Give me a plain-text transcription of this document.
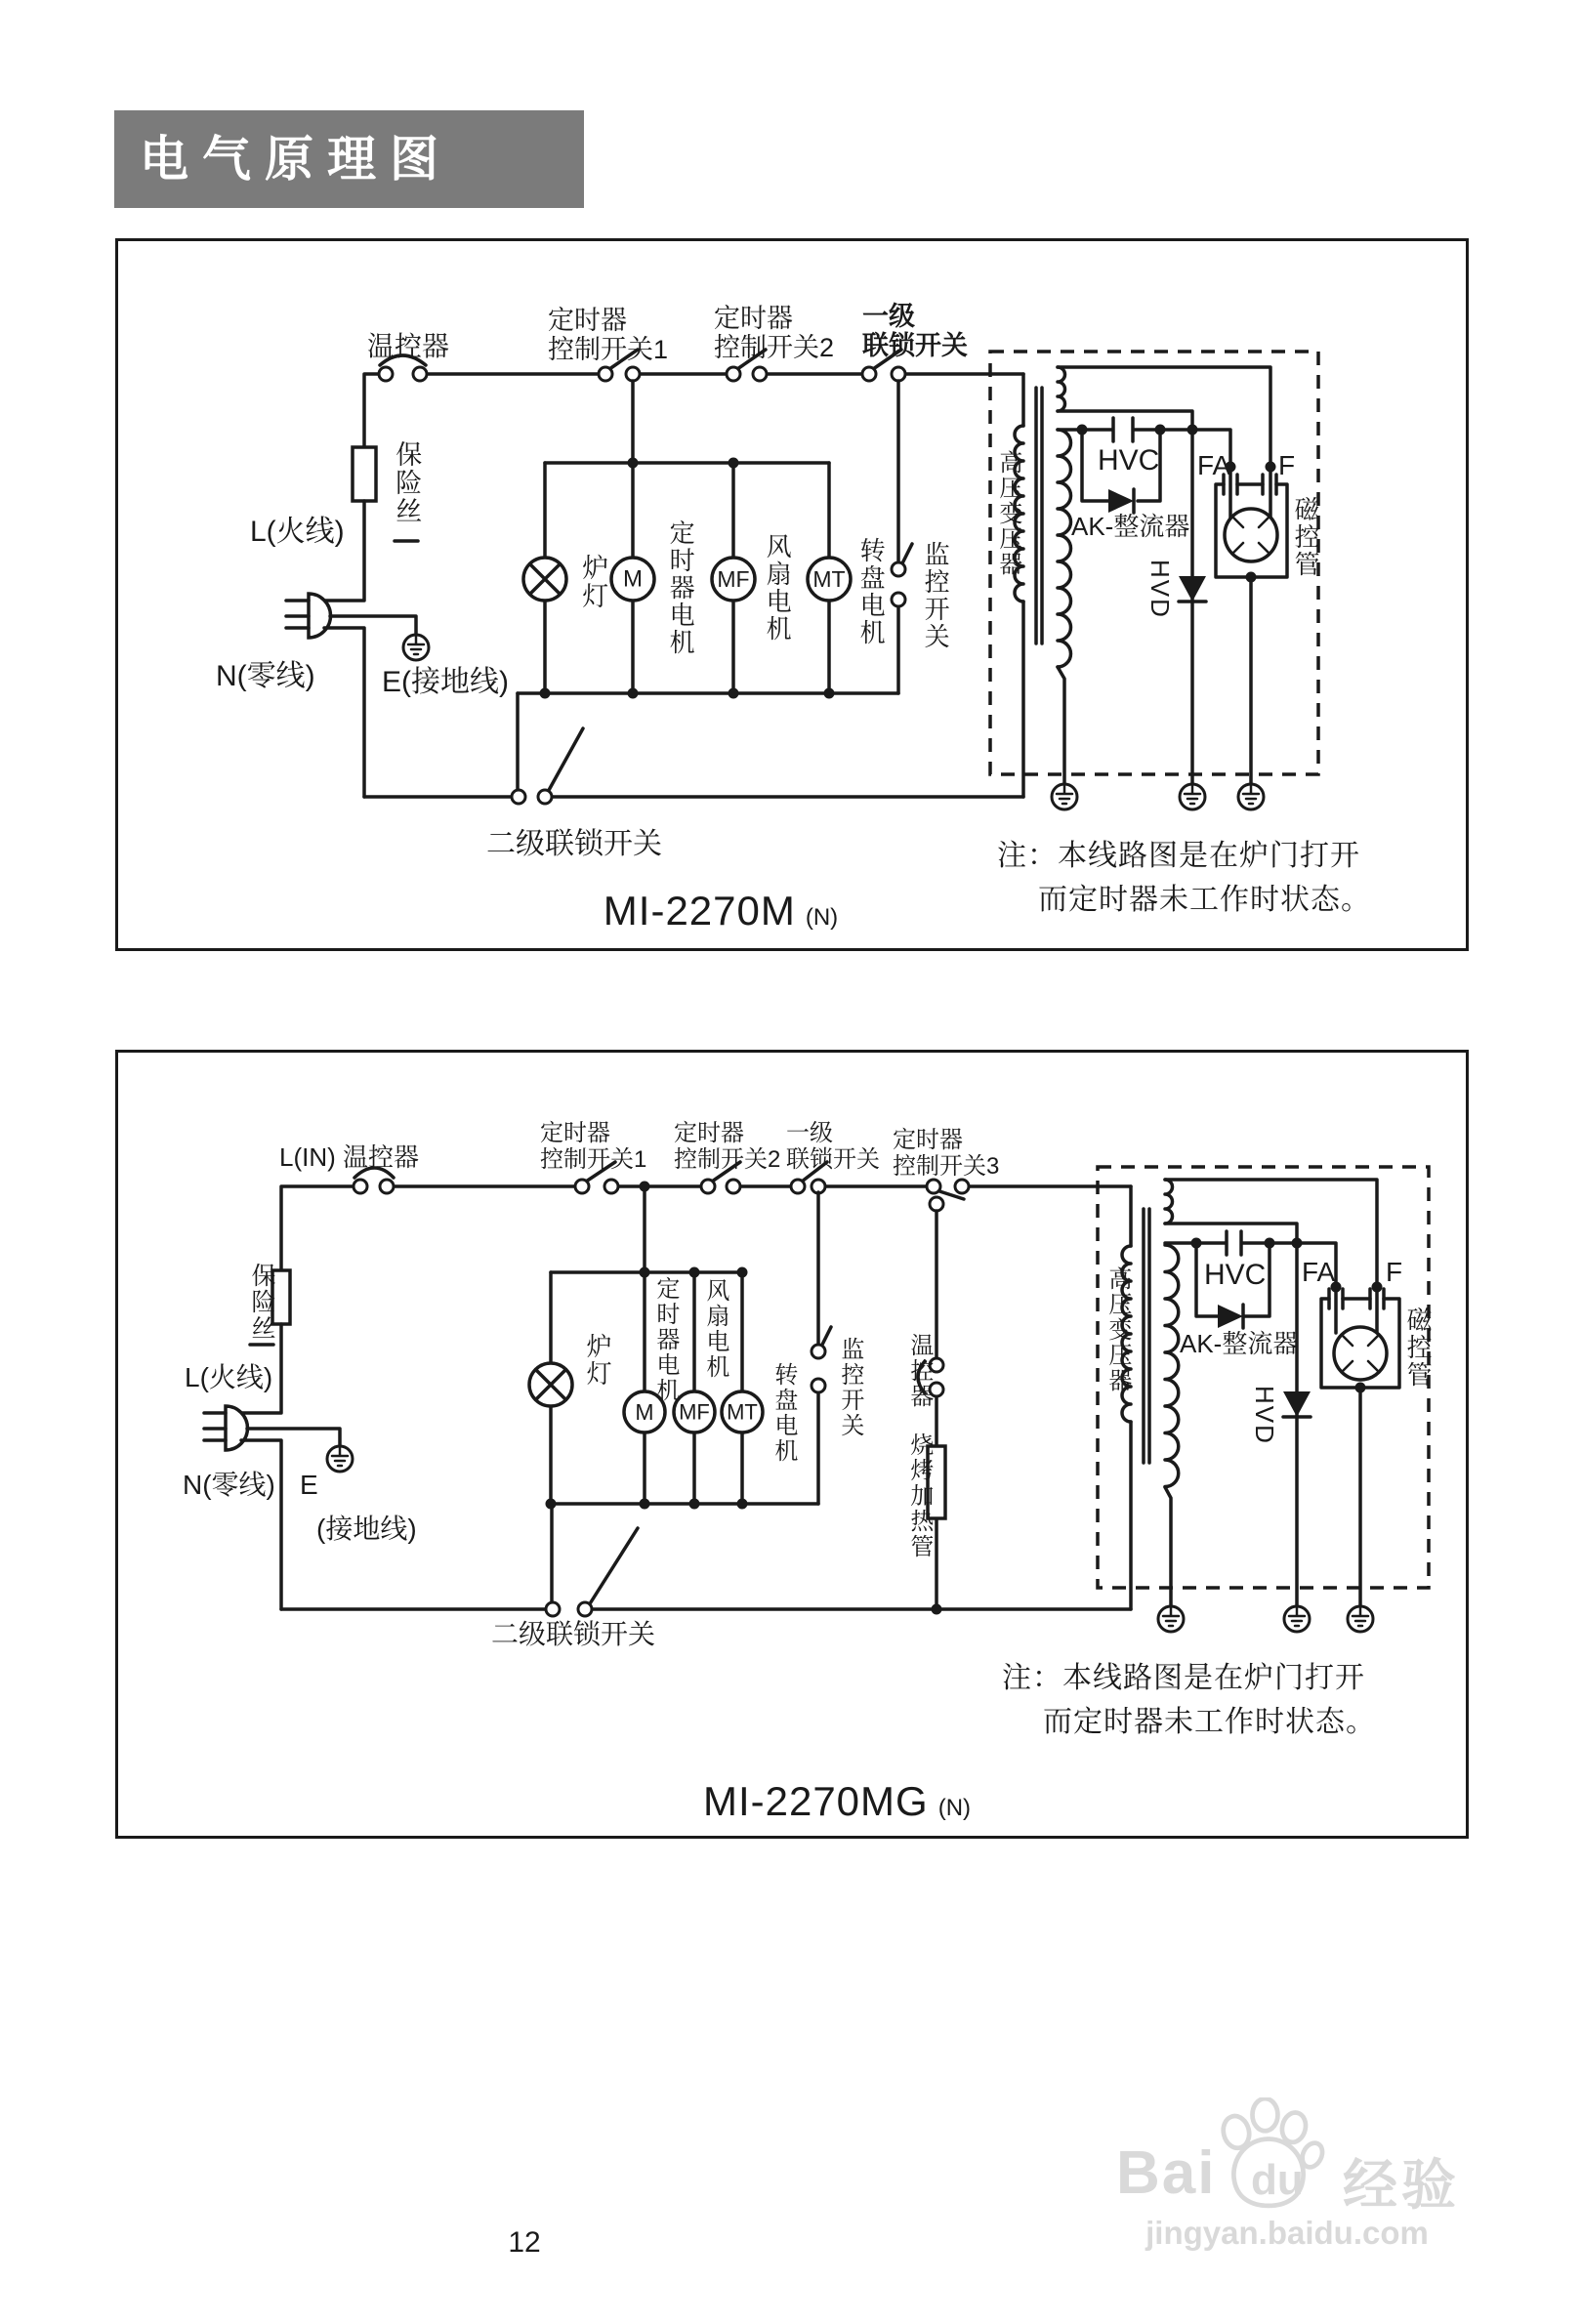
电气原理图
M	MF	MT
温控器
定时器
控制开关1
定时器
控制开关2
一级
联锁开关
保险丝
L(火线)
N(零线) E(接地线)
炉灯 定时器电机	风扇电机	转盘电机 监控开关
二级联锁开关
高压变压器	HVC
AK-整流器
HVD
FA F
磁控管
注：本线路图是在炉门打开
而定时器未工作时状态。
MI-2270M (N)
M MF MT
L(IN) 温控器
定时器
控制开关1
定时器
控制开关2
一级
联锁开关
定时器
控制开关3
保险丝
L(火线)
N(零线) E
(接地线)
炉灯 定时器电机 风扇电机
转盘电机 监控开关 温控器
烧烤加热管
二级联锁开关
高压变压器	HVC
AK-整流器
HVD
FA F
磁控管
注：本线路图是在炉门打开
而定时器未工作时状态。
MI-2270MG (N)
12
Bai du 经验
jingyan.baidu.com
